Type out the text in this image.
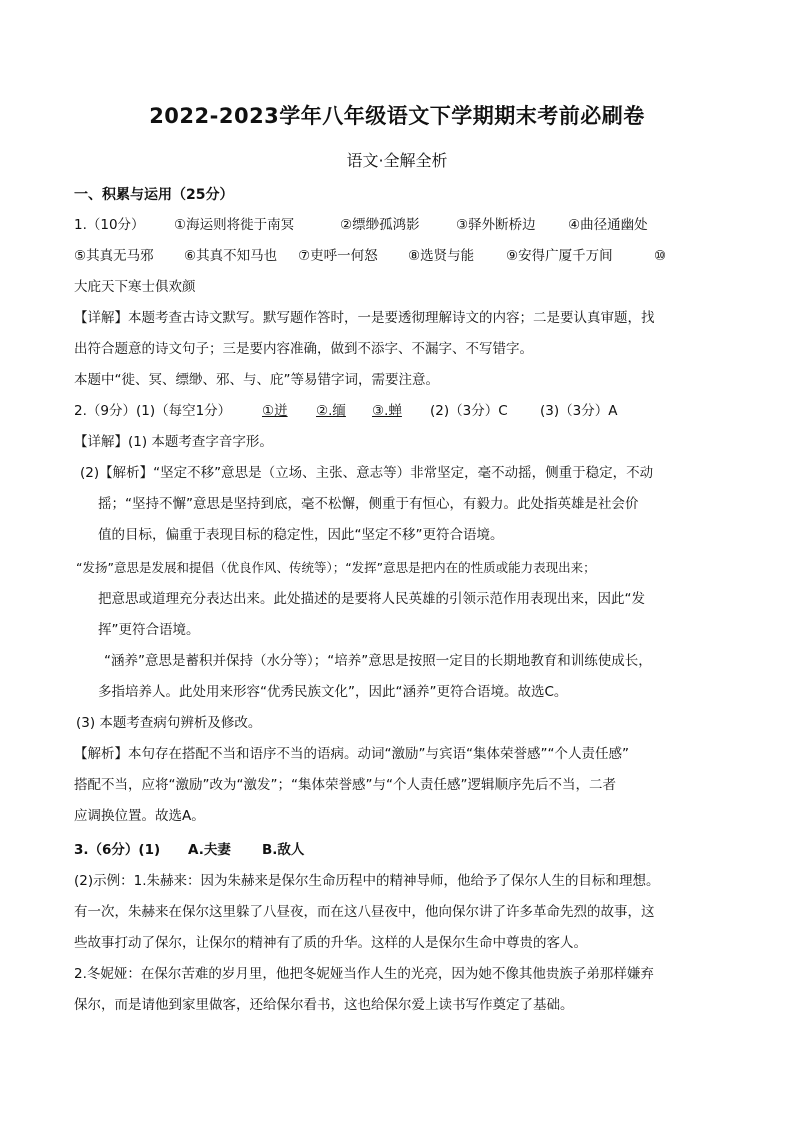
2022-2023学年八年级语文下学期期末考前必刷卷
语文·全解全析
一、积累与运用（25分）
1.（10分） ①海运则将徙于南冥	②缥缈孤鸿影	③驿外断桥边 ④曲径通幽处
⑤其真无马邪 ⑥其真不知马也 ⑦吏呼一何怒 ⑧选贤与能 ⑨安得广厦千万间	⑩
大庇天下寒士俱欢颜
【详解】本题考查古诗文默写。默写题作答时，一是要透彻理解诗文的内容；二是要认真审题，找
出符合题意的诗文句子；三是要内容准确，做到不添字、不漏字、不写错字。
本题中“徙、冥、缥缈、邪、与、庇”等易错字词，需要注意。
2.（9分）(1)（每空1分） ①迸 ②.缅 ③.蝉 (2)（3分）C (3)（3分）A
【详解】(1) 本题考查字音字形。
(2)【解析】“坚定不移”意思是（立场、主张、意志等）非常坚定，毫不动摇，侧重于稳定，不动
摇；“坚持不懈”意思是坚持到底，毫不松懈，侧重于有恒心，有毅力。此处指英雄是社会价
值的目标，偏重于表现目标的稳定性，因此“坚定不移”更符合语境。
“发扬”意思是发展和提倡（优良作风、传统等）；“发挥”意思是把内在的性质或能力表现出来；
把意思或道理充分表达出来。此处描述的是要将人民英雄的引领示范作用表现出来，因此“发
挥”更符合语境。
“涵养”意思是蓄积并保持（水分等）；“培养”意思是按照一定目的长期地教育和训练使成长，
多指培养人。此处用来形容“优秀民族文化”，因此“涵养”更符合语境。故选C。
(3) 本题考查病句辨析及修改。
【解析】本句存在搭配不当和语序不当的语病。动词“激励”与宾语“集体荣誉感”“个人责任感”
搭配不当，应将“激励”改为“激发”；“集体荣誉感”与“个人责任感”逻辑顺序先后不当，二者
应调换位置。故选A。
3.（6分）(1) A.夫妻 B.敌人
(2)示例：1.朱赫来：因为朱赫来是保尔生命历程中的精神导师，他给予了保尔人生的目标和理想。
有一次，朱赫来在保尔这里躲了八昼夜，而在这八昼夜中，他向保尔讲了许多革命先烈的故事，这
些故事打动了保尔，让保尔的精神有了质的升华。这样的人是保尔生命中尊贵的客人。
2.冬妮娅：在保尔苦难的岁月里，他把冬妮娅当作人生的光亮，因为她不像其他贵族子弟那样嫌弃
保尔，而是请他到家里做客，还给保尔看书，这也给保尔爱上读书写作奠定了基础。
